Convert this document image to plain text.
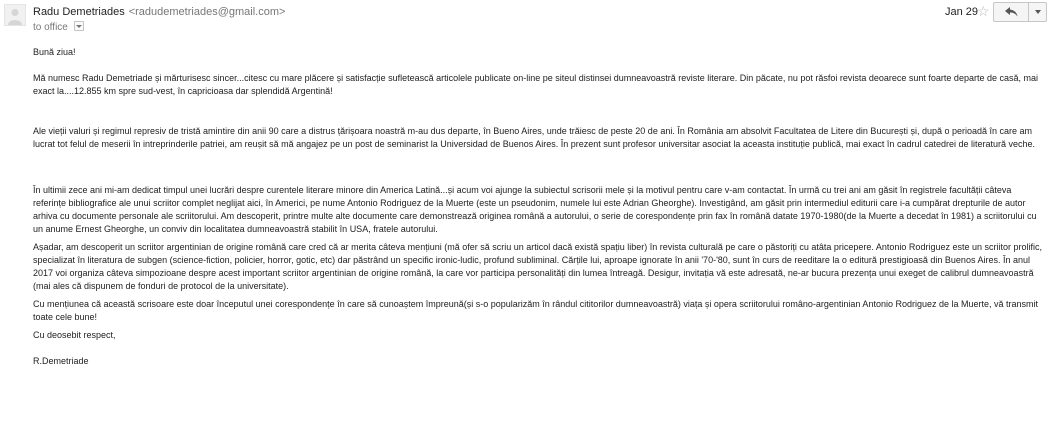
Radu Demetriades <radudemetriades@gmail.com>
to office
Jan 29
☆

Bună ziua!

Mă numesc Radu Demetriade și mărturisesc sincer...citesc cu mare plăcere și satisfacție sufletească articolele publicate on-line pe siteul distinsei dumneavoastră reviste literare. Din păcate, nu pot răsfoi revista deoarece sunt foarte departe de casă, mai exact la....12.855 km spre sud-vest, în capricioasa dar splendidă Argentină!

Ale vieții valuri și regimul represiv de tristă amintire din anii 90 care a distrus țărișoara noastră m-au dus departe, în Bueno Aires, unde trăiesc de peste 20 de ani. În România am absolvit Facultatea de Litere din București și, după o perioadă în care am lucrat tot felul de meserii în intreprinderile patriei, am reușit să mă angajez pe un post de seminarist la Universidad de Buenos Aires. În prezent sunt profesor universitar asociat la aceasta instituție publică, mai exact în cadrul catedrei de literatură veche.

În ultimii zece ani mi-am dedicat timpul unei lucrări despre curentele literare minore din America Latină...și acum voi ajunge la subiectul scrisorii mele și la motivul pentru care v-am contactat. În urmă cu trei ani am găsit în registrele facultății câteva referințe bibliografice ale unui scriitor complet neglijat aici, în Americi, pe nume Antonio Rodriguez de la Muerte (este un pseudonim, numele lui este Adrian Gheorghe). Investigând, am găsit prin intermediul editurii care i-a cumpărat drepturile de autor arhiva cu documente personale ale scriitorului. Am descoperit, printre multe alte documente care demonstrează originea română a autorului, o serie de corespondențe prin fax în română datate 1970-1980(de la Muerte a decedat în 1981) a scriitorului cu un anume Ernest Gheorghe, un conviv din localitatea dumneavoastră stabilit în USA, fratele autorului.

Așadar, am descoperit un scriitor argentinian de origine română care cred că ar merita câteva mențiuni (mă ofer să scriu un articol dacă există spațiu liber) în revista culturală pe care o păstoriți cu atâta pricepere. Antonio Rodriguez este un scriitor prolific, specializat în literatura de subgen (science-fiction, policier, horror, gotic, etc) dar păstrând un specific ironic-ludic, profund subliminal. Cărțile lui, aproape ignorate în anii '70-'80, sunt în curs de reeditare la o editură prestigioasă din Buenos Aires. În anul 2017 voi organiza câteva simpozioane despre acest important scriitor argentinian de origine română, la care vor participa personalități din lumea întreagă. Desigur, invitația vă este adresată, ne-ar bucura prezența unui exeget de calibrul dumneavoastră (mai ales că dispunem de fonduri de protocol de la universitate).

Cu mențiunea că această scrisoare este doar începutul unei corespondențe în care să cunoaștem împreună(și s-o popularizăm în rândul cititorilor dumneavoastră) viața și opera scriitorului româno-argentinian Antonio Rodriguez de la Muerte, vă transmit toate cele bune!

Cu deosebit respect,

R.Demetriade
